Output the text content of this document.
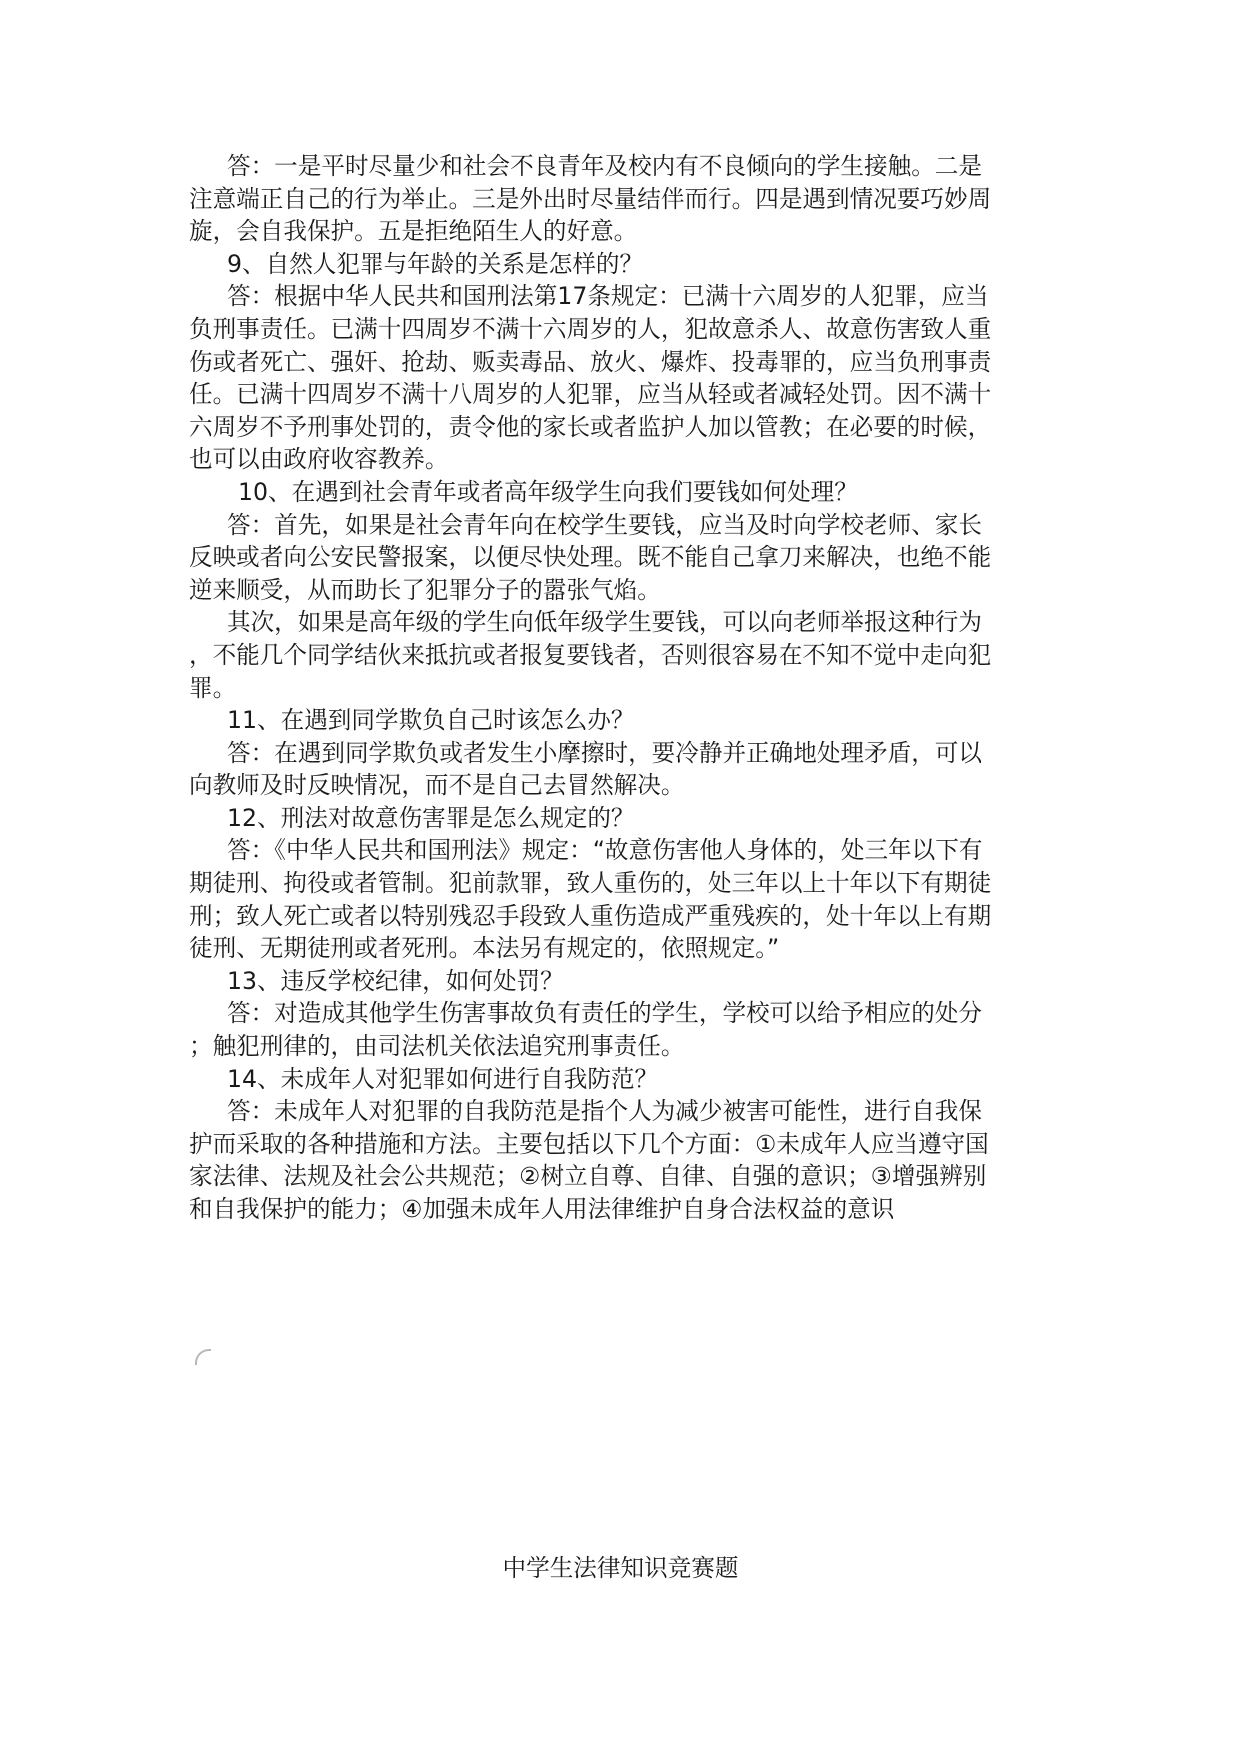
答：一是平时尽量少和社会不良青年及校内有不良倾向的学生接触。二是
注意端正自己的行为举止。三是外出时尽量结伴而行。四是遇到情况要巧妙周
旋，会自我保护。五是拒绝陌生人的好意。
9、自然人犯罪与年龄的关系是怎样的？
答：根据中华人民共和国刑法第17条规定：已满十六周岁的人犯罪，应当
负刑事责任。已满十四周岁不满十六周岁的人，犯故意杀人、故意伤害致人重
伤或者死亡、强奸、抢劫、贩卖毒品、放火、爆炸、投毒罪的，应当负刑事责
任。已满十四周岁不满十八周岁的人犯罪，应当从轻或者减轻处罚。因不满十
六周岁不予刑事处罚的，责令他的家长或者监护人加以管教；在必要的时候，
也可以由政府收容教养。
10、在遇到社会青年或者高年级学生向我们要钱如何处理？
答：首先，如果是社会青年向在校学生要钱，应当及时向学校老师、家长
反映或者向公安民警报案，以便尽快处理。既不能自己拿刀来解决，也绝不能
逆来顺受，从而助长了犯罪分子的嚣张气焰。
其次，如果是高年级的学生向低年级学生要钱，可以向老师举报这种行为
，不能几个同学结伙来抵抗或者报复要钱者，否则很容易在不知不觉中走向犯
罪。
11、在遇到同学欺负自己时该怎么办？
答：在遇到同学欺负或者发生小摩擦时，要冷静并正确地处理矛盾，可以
向教师及时反映情况，而不是自己去冒然解决。
12、刑法对故意伤害罪是怎么规定的？
答：《中华人民共和国刑法》规定：“故意伤害他人身体的，处三年以下有
期徒刑、拘役或者管制。犯前款罪，致人重伤的，处三年以上十年以下有期徒
刑；致人死亡或者以特别残忍手段致人重伤造成严重残疾的，处十年以上有期
徒刑、无期徒刑或者死刑。本法另有规定的，依照规定。”
13、违反学校纪律，如何处罚？
答：对造成其他学生伤害事故负有责任的学生，学校可以给予相应的处分
；触犯刑律的，由司法机关依法追究刑事责任。
14、未成年人对犯罪如何进行自我防范？
答：未成年人对犯罪的自我防范是指个人为减少被害可能性，进行自我保
护而采取的各种措施和方法。主要包括以下几个方面：①未成年人应当遵守国
家法律、法规及社会公共规范；②树立自尊、自律、自强的意识；③增强辨别
和自我保护的能力；④加强未成年人用法律维护自身合法权益的意识
中学生法律知识竞赛题
